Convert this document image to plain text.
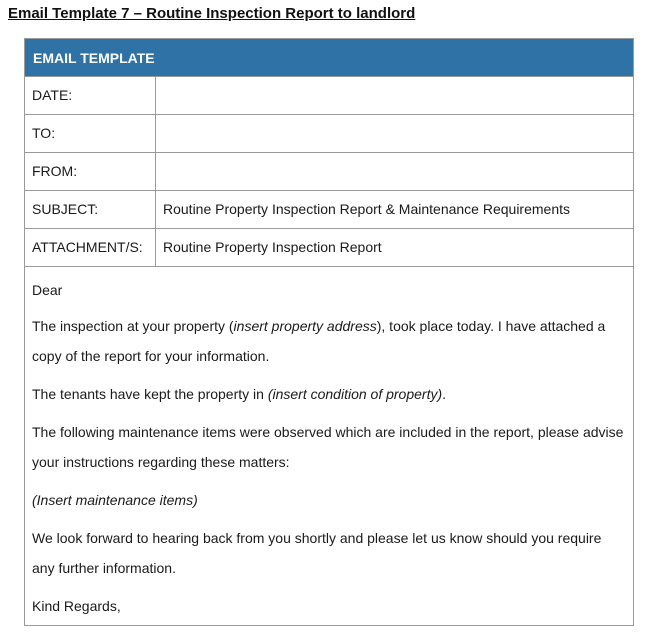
Email Template 7 – Routine Inspection Report to landlord
EMAIL TEMPLATE
DATE:
TO:
FROM:
SUBJECT:	Routine Property Inspection Report & Maintenance Requirements
ATTACHMENT/S:	Routine Property Inspection Report

Dear

The inspection at your property (insert property address), took place today. I have attached a copy of the report for your information.

The tenants have kept the property in (insert condition of property).

The following maintenance items were observed which are included in the report, please advise your instructions regarding these matters:

(Insert maintenance items)

We look forward to hearing back from you shortly and please let us know should you require any further information.

Kind Regards,
